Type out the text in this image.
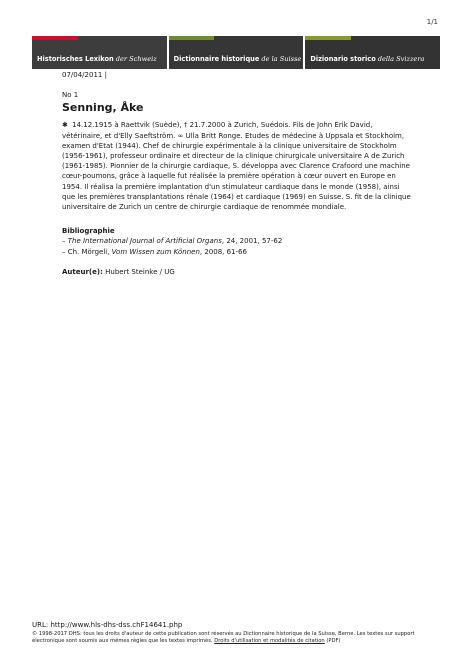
1/1
Historisches Lexikon der Schweiz	Dictionnaire historique de la Suisse Dizionario storico della Svizzera
07/04/2011 |
No 1
Senning, Åke

✱ 14.12.1915 à Raettvik (Suède), † 21.7.2000 à Zurich, Suédois. Fils de John Erik David, vétérinaire, et d'Elly Saeftström. ∞ Ulla Britt Ronge. Etudes de médecine à Uppsala et Stockholm, examen d'Etat (1944). Chef de chirurgie expérimentale à la clinique universitaire de Stockholm (1956-1961), professeur ordinaire et directeur de la clinique chirurgicale universitaire A de Zurich (1961-1985). Pionnier de la chirurgie cardiaque, S. développa avec Clarence Crafoord une machine cœur-poumons, grâce à laquelle fut réalisée la première opération à cœur ouvert en Europe en 1954. Il réalisa la première implantation d'un stimulateur cardiaque dans le monde (1958), ainsi que les premières transplantations rénale (1964) et cardiaque (1969) en Suisse. S. fit de la clinique universitaire de Zurich un centre de chirurgie cardiaque de renommée mondiale.

Bibliographie
– The International Journal of Artificial Organs, 24, 2001, 57-62
– Ch. Mörgeli, Vom Wissen zum Können, 2008, 61-66
Auteur(e): Hubert Steinke / UG
URL: http://www.hls-dhs-dss.chF14641.php
© 1998-2017 DHS: tous les droits d'auteur de cette publication sont réservés au Dictionnaire historique de la Suisse, Berne. Les textes sur support électronique sont soumis aux mêmes règles que les textes imprimés. Droits d'utilisation et modalités de citation (PDF)
